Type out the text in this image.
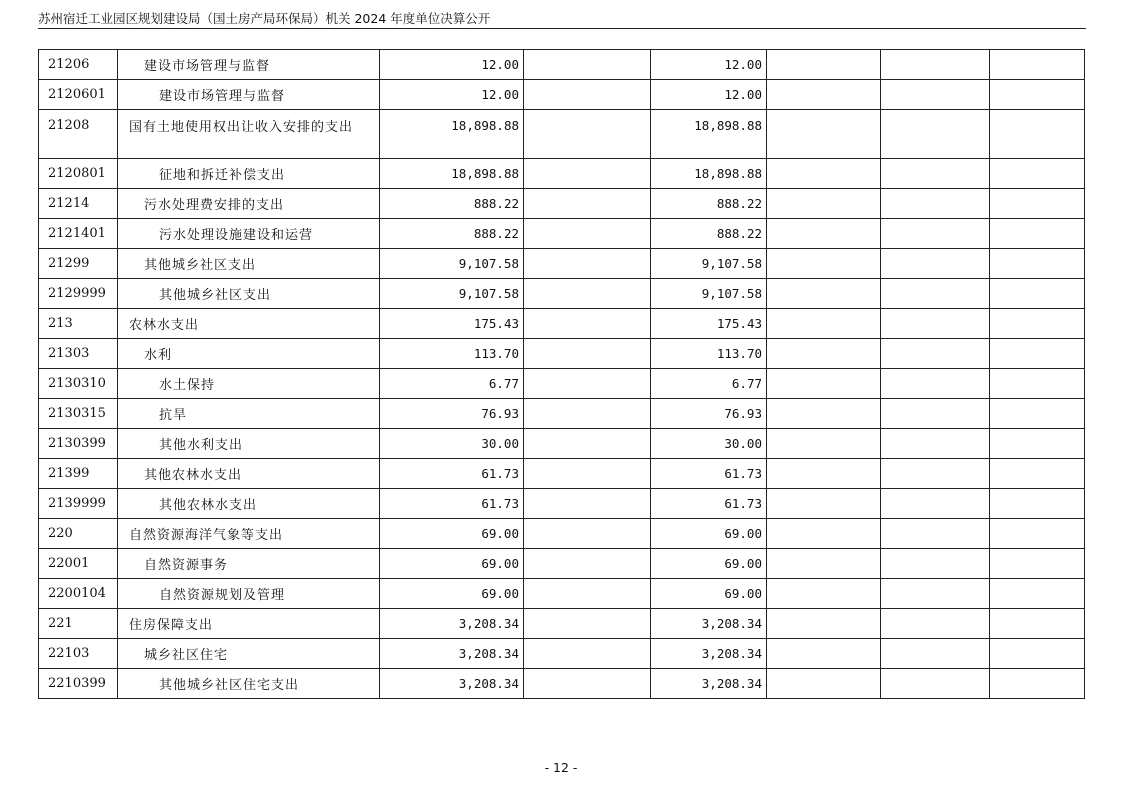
苏州宿迁工业园区规划建设局（国土房产局环保局）机关 2024 年度单位决算公开
21206	建设市场管理与监督	12.00		12.00			
2120601	建设市场管理与监督	12.00		12.00			
21208	国有土地使用权出让收入安排的支出	18,898.88		18,898.88			
2120801	征地和拆迁补偿支出	18,898.88		18,898.88			
21214	污水处理费安排的支出	888.22		888.22			
2121401	污水处理设施建设和运营	888.22		888.22			
21299	其他城乡社区支出	9,107.58		9,107.58			
2129999	其他城乡社区支出	9,107.58		9,107.58			
213	农林水支出	175.43		175.43			
21303	水利	113.70		113.70			
2130310	水土保持	6.77		6.77			
2130315	抗旱	76.93		76.93			
2130399	其他水利支出	30.00		30.00			
21399	其他农林水支出	61.73		61.73			
2139999	其他农林水支出	61.73		61.73			
220	自然资源海洋气象等支出	69.00		69.00			
22001	自然资源事务	69.00		69.00			
2200104	自然资源规划及管理	69.00		69.00			
221	住房保障支出	3,208.34		3,208.34			
22103	城乡社区住宅	3,208.34		3,208.34			
2210399	其他城乡社区住宅支出	3,208.34		3,208.34			
- 12 -
